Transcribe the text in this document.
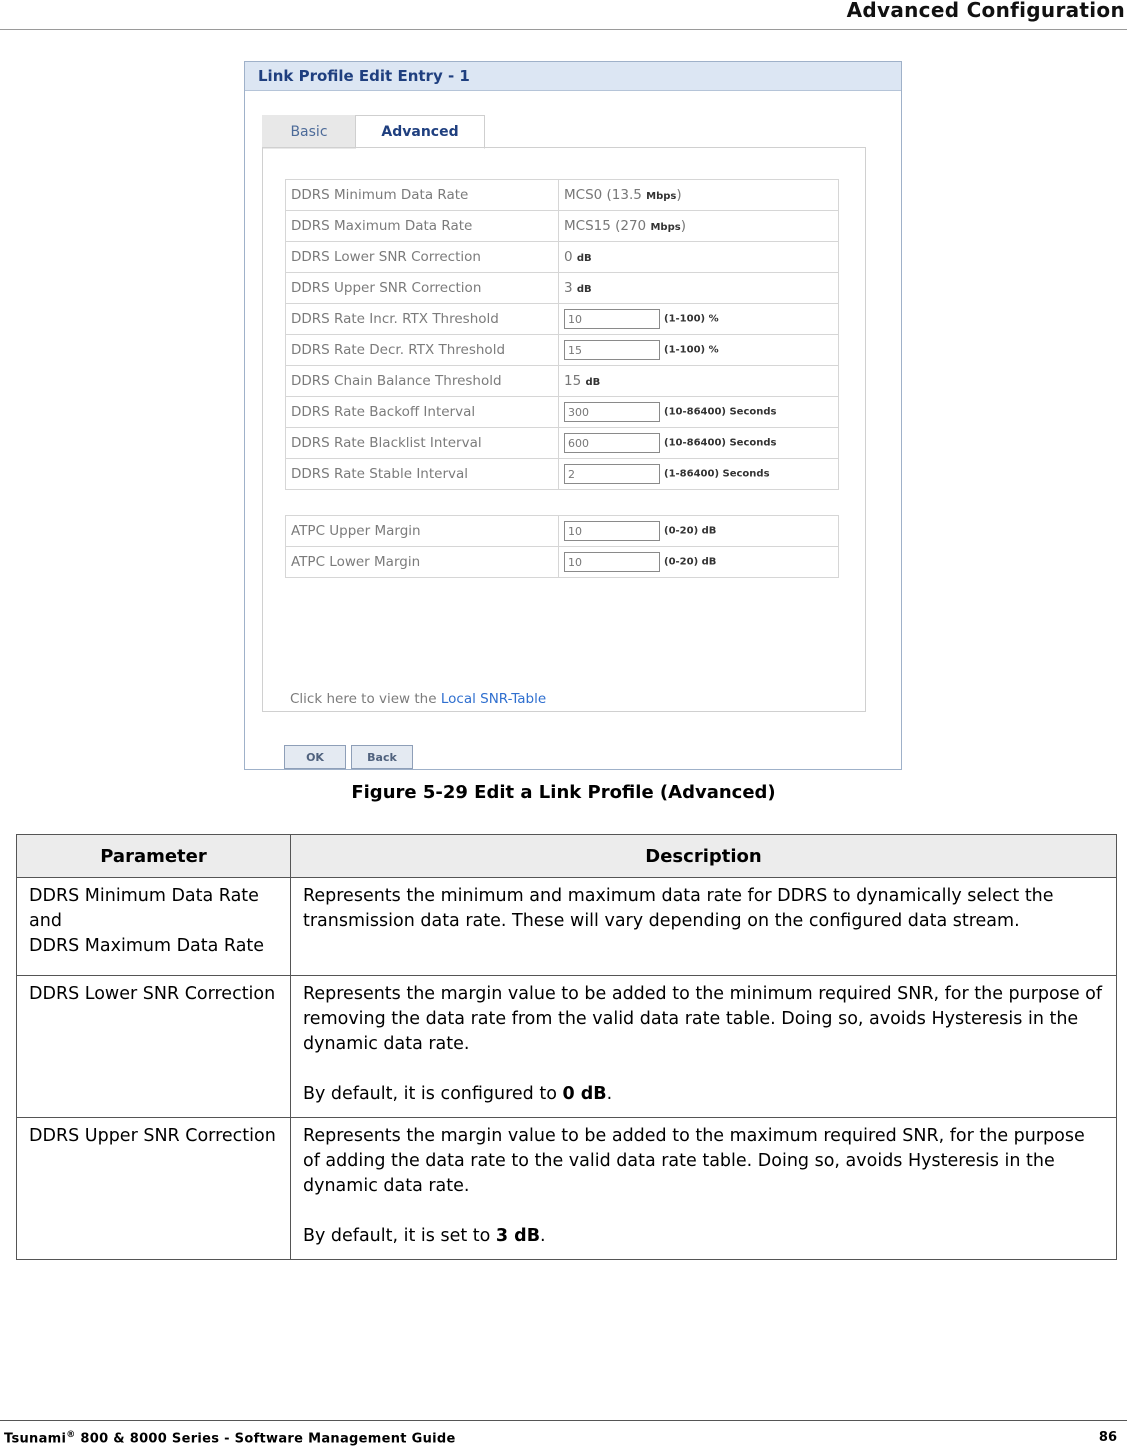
Advanced Configuration
Link Profile Edit Entry - 1
Basic	Advanced
DDRS Minimum Data Rate	MCS0 (13.5 Mbps)
DDRS Maximum Data Rate	MCS15 (270 Mbps)
DDRS Lower SNR Correction	0 dB
DDRS Upper SNR Correction	3 dB
DDRS Rate Incr. RTX Threshold	10 (1-100) %
DDRS Rate Decr. RTX Threshold	15 (1-100) %
DDRS Chain Balance Threshold	15 dB
DDRS Rate Backoff Interval	300 (10-86400) Seconds
DDRS Rate Blacklist Interval	600 (10-86400) Seconds
DDRS Rate Stable Interval	2 (1-86400) Seconds
ATPC Upper Margin	10 (0-20) dB
ATPC Lower Margin	10 (0-20) dB
Click here to view the Local SNR-Table
OK	Back
Figure 5-29 Edit a Link Profile (Advanced)
Parameter	Description

DDRS Minimum Data Rate

and

DDRS Maximum Data Rate	Represents the minimum and maximum data rate for DDRS to dynamically select the transmission data rate. These will vary depending on the configured data stream.

DDRS Lower SNR Correction	Represents the margin value to be added to the minimum required SNR, for the purpose of removing the data rate from the valid data rate table. Doing so, avoids Hysteresis in the dynamic data rate.

By default, it is configured to 0 dB.

DDRS Upper SNR Correction	Represents the margin value to be added to the maximum required SNR, for the purpose of adding the data rate to the valid data rate table. Doing so, avoids Hysteresis in the dynamic data rate.

By default, it is set to 3 dB.

Tsunami® 800 & 8000 Series - Software Management Guide	86
